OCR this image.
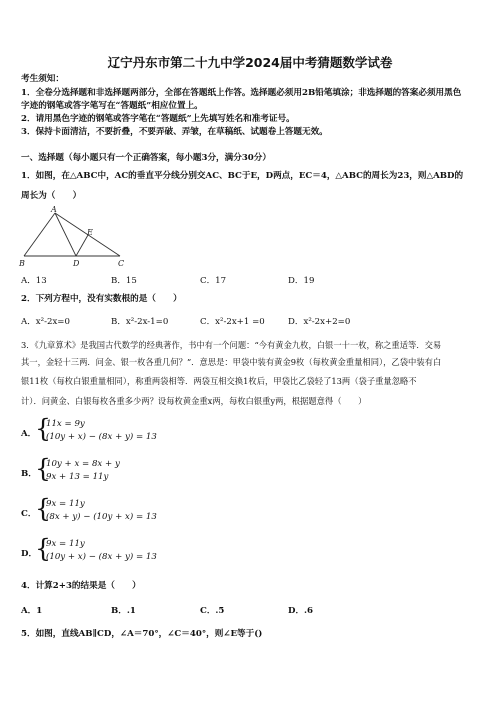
辽宁丹东市第二十九中学2024届中考猜题数学试卷
考生须知：
1．全卷分选择题和非选择题两部分，全部在答题纸上作答。选择题必须用2B铅笔填涂；非选择题的答案必须用黑色
字迹的钢笔或答字笔写在“答题纸”相应位置上。
2．请用黑色字迹的钢笔或答字笔在“答题纸”上先填写姓名和准考证号。
3．保持卡面清洁，不要折叠，不要弄破、弄皱，在草稿纸、试题卷上答题无效。
一、选择题（每小题只有一个正确答案，每小题3分，满分30分）
1．如图，在△ABC中，AC的垂直平分线分别交AC、BC于E，D两点，EC＝4，△ABC的周长为23，则△ABD的
周长为（　　）
A
E
B	D	C
A．13	B．15	C．17	D．19
2．下列方程中，没有实数根的是（　　）
A．x²-2x=0	B．x²-2x-1=0	C．x²-2x+1 =0	D．x²-2x+2=0
3．《九章算术》是我国古代数学的经典著作，书中有一个问题：“今有黄金九枚，白银一十一枚，称之重适等．交易
其一，金轻十三两．问金、银一枚各重几何？”．意思是：甲袋中装有黄金9枚（每枚黄金重量相同），乙袋中装有白
银11枚（每枚白银重量相同），称重两袋相等．两袋互相交换1枚后，甲袋比乙袋轻了13两（袋子重量忽略不
计）．问黄金、白银每枚各重多少两？设每枚黄金重x两，每枚白银重y两，根据题意得（　　）
A．
{
11x = 9y
(10y + x) − (8x + y) = 13
B．
{
10y + x = 8x + y
9x + 13 = 11y
C．
{
9x = 11y
(8x + y) − (10y + x) = 13
D．
{
9x = 11y
(10y + x) − (8x + y) = 13
4．计算2+3的结果是（　　）
A．1	B．.1	C．.5	D．.6
5．如图，直线AB∥CD，∠A＝70°，∠C＝40°，则∠E等于()
